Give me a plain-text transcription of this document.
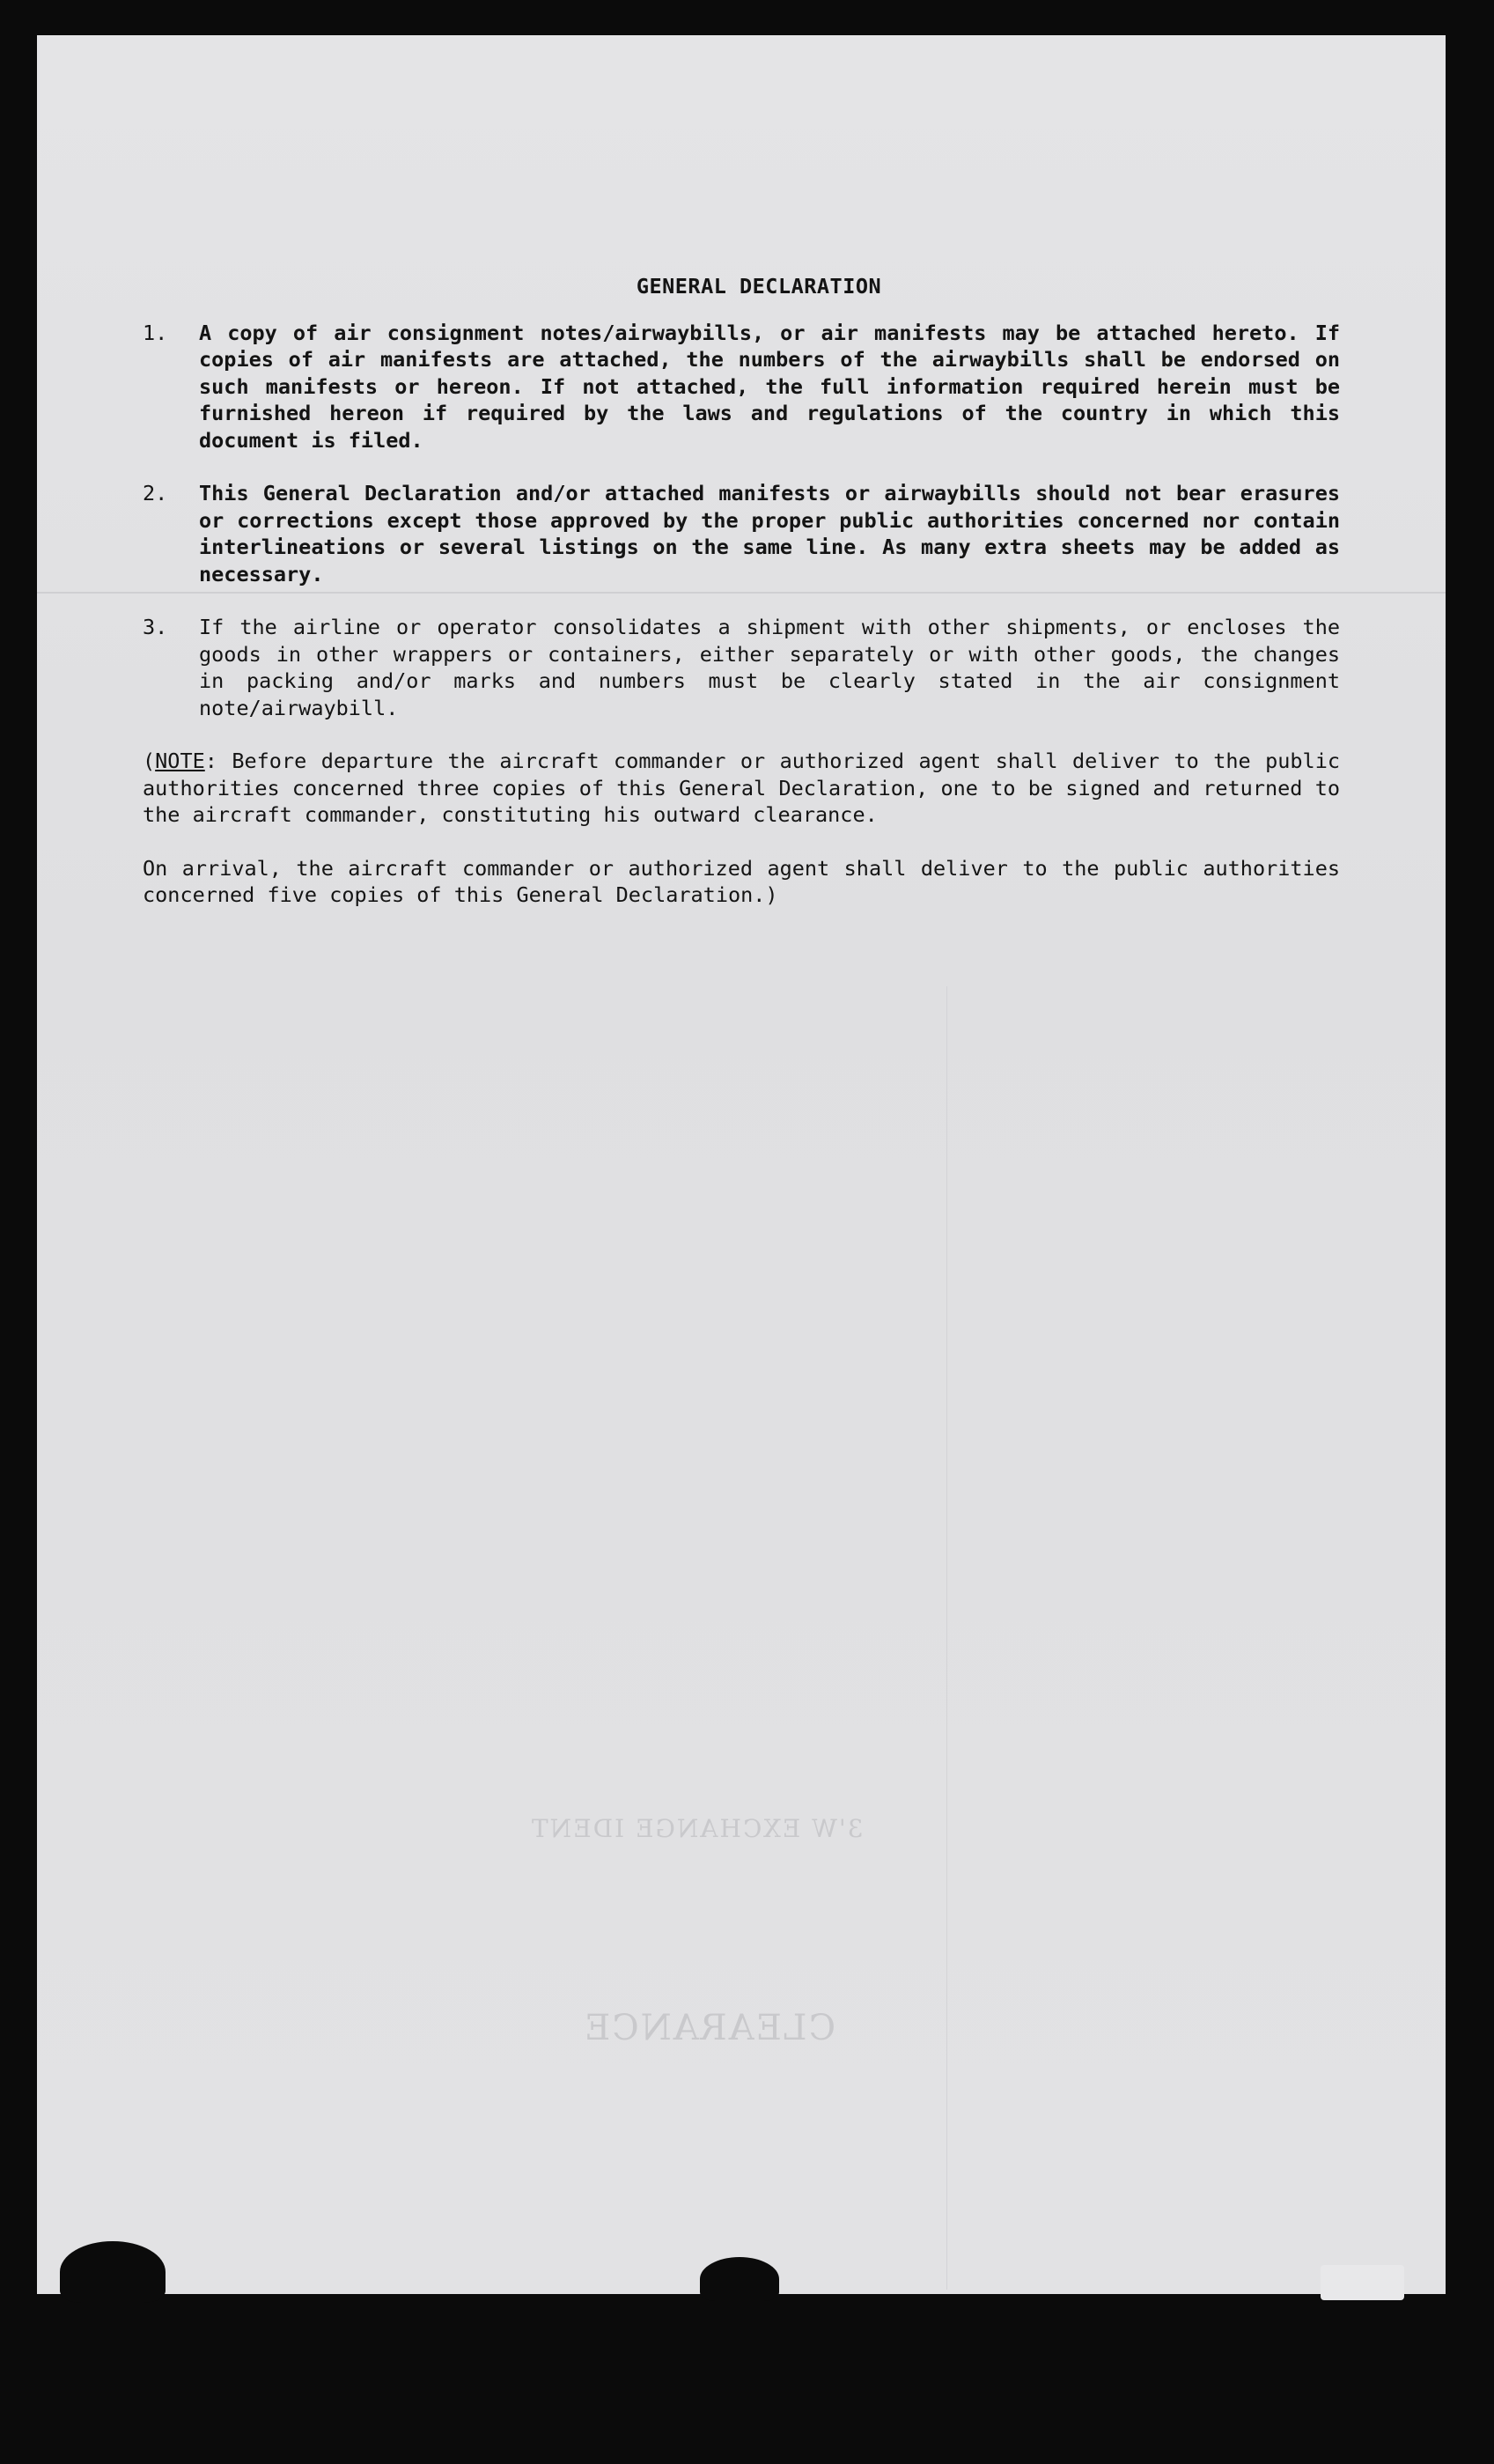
3'W EXCHANGE IDENT
CLEARANCE
GENERAL DECLARATION
1.	A copy of air consignment notes/airwaybills, or air manifests may be attached hereto. If copies of air manifests are attached, the numbers of the airwaybills shall be endorsed on such manifests or hereon. If not attached, the full information required herein must be furnished hereon if required by the laws and regulations of the country in which this document is filed.
2.	This General Declaration and/or attached manifests or airwaybills should not bear erasures or corrections except those approved by the proper public authorities concerned nor contain interlineations or several listings on the same line. As many extra sheets may be added as necessary.
3.	If the airline or operator consolidates a shipment with other shipments, or encloses the goods in other wrappers or containers, either separately or with other goods, the changes in packing and/or marks and numbers must be clearly stated in the air consignment note/airwaybill.
(NOTE: Before departure the aircraft commander or authorized agent shall deliver to the public authorities concerned three copies of this General Declaration, one to be signed and returned to the aircraft commander, constituting his outward clearance.
On arrival, the aircraft commander or authorized agent shall deliver to the public authorities concerned five copies of this General Declaration.)
